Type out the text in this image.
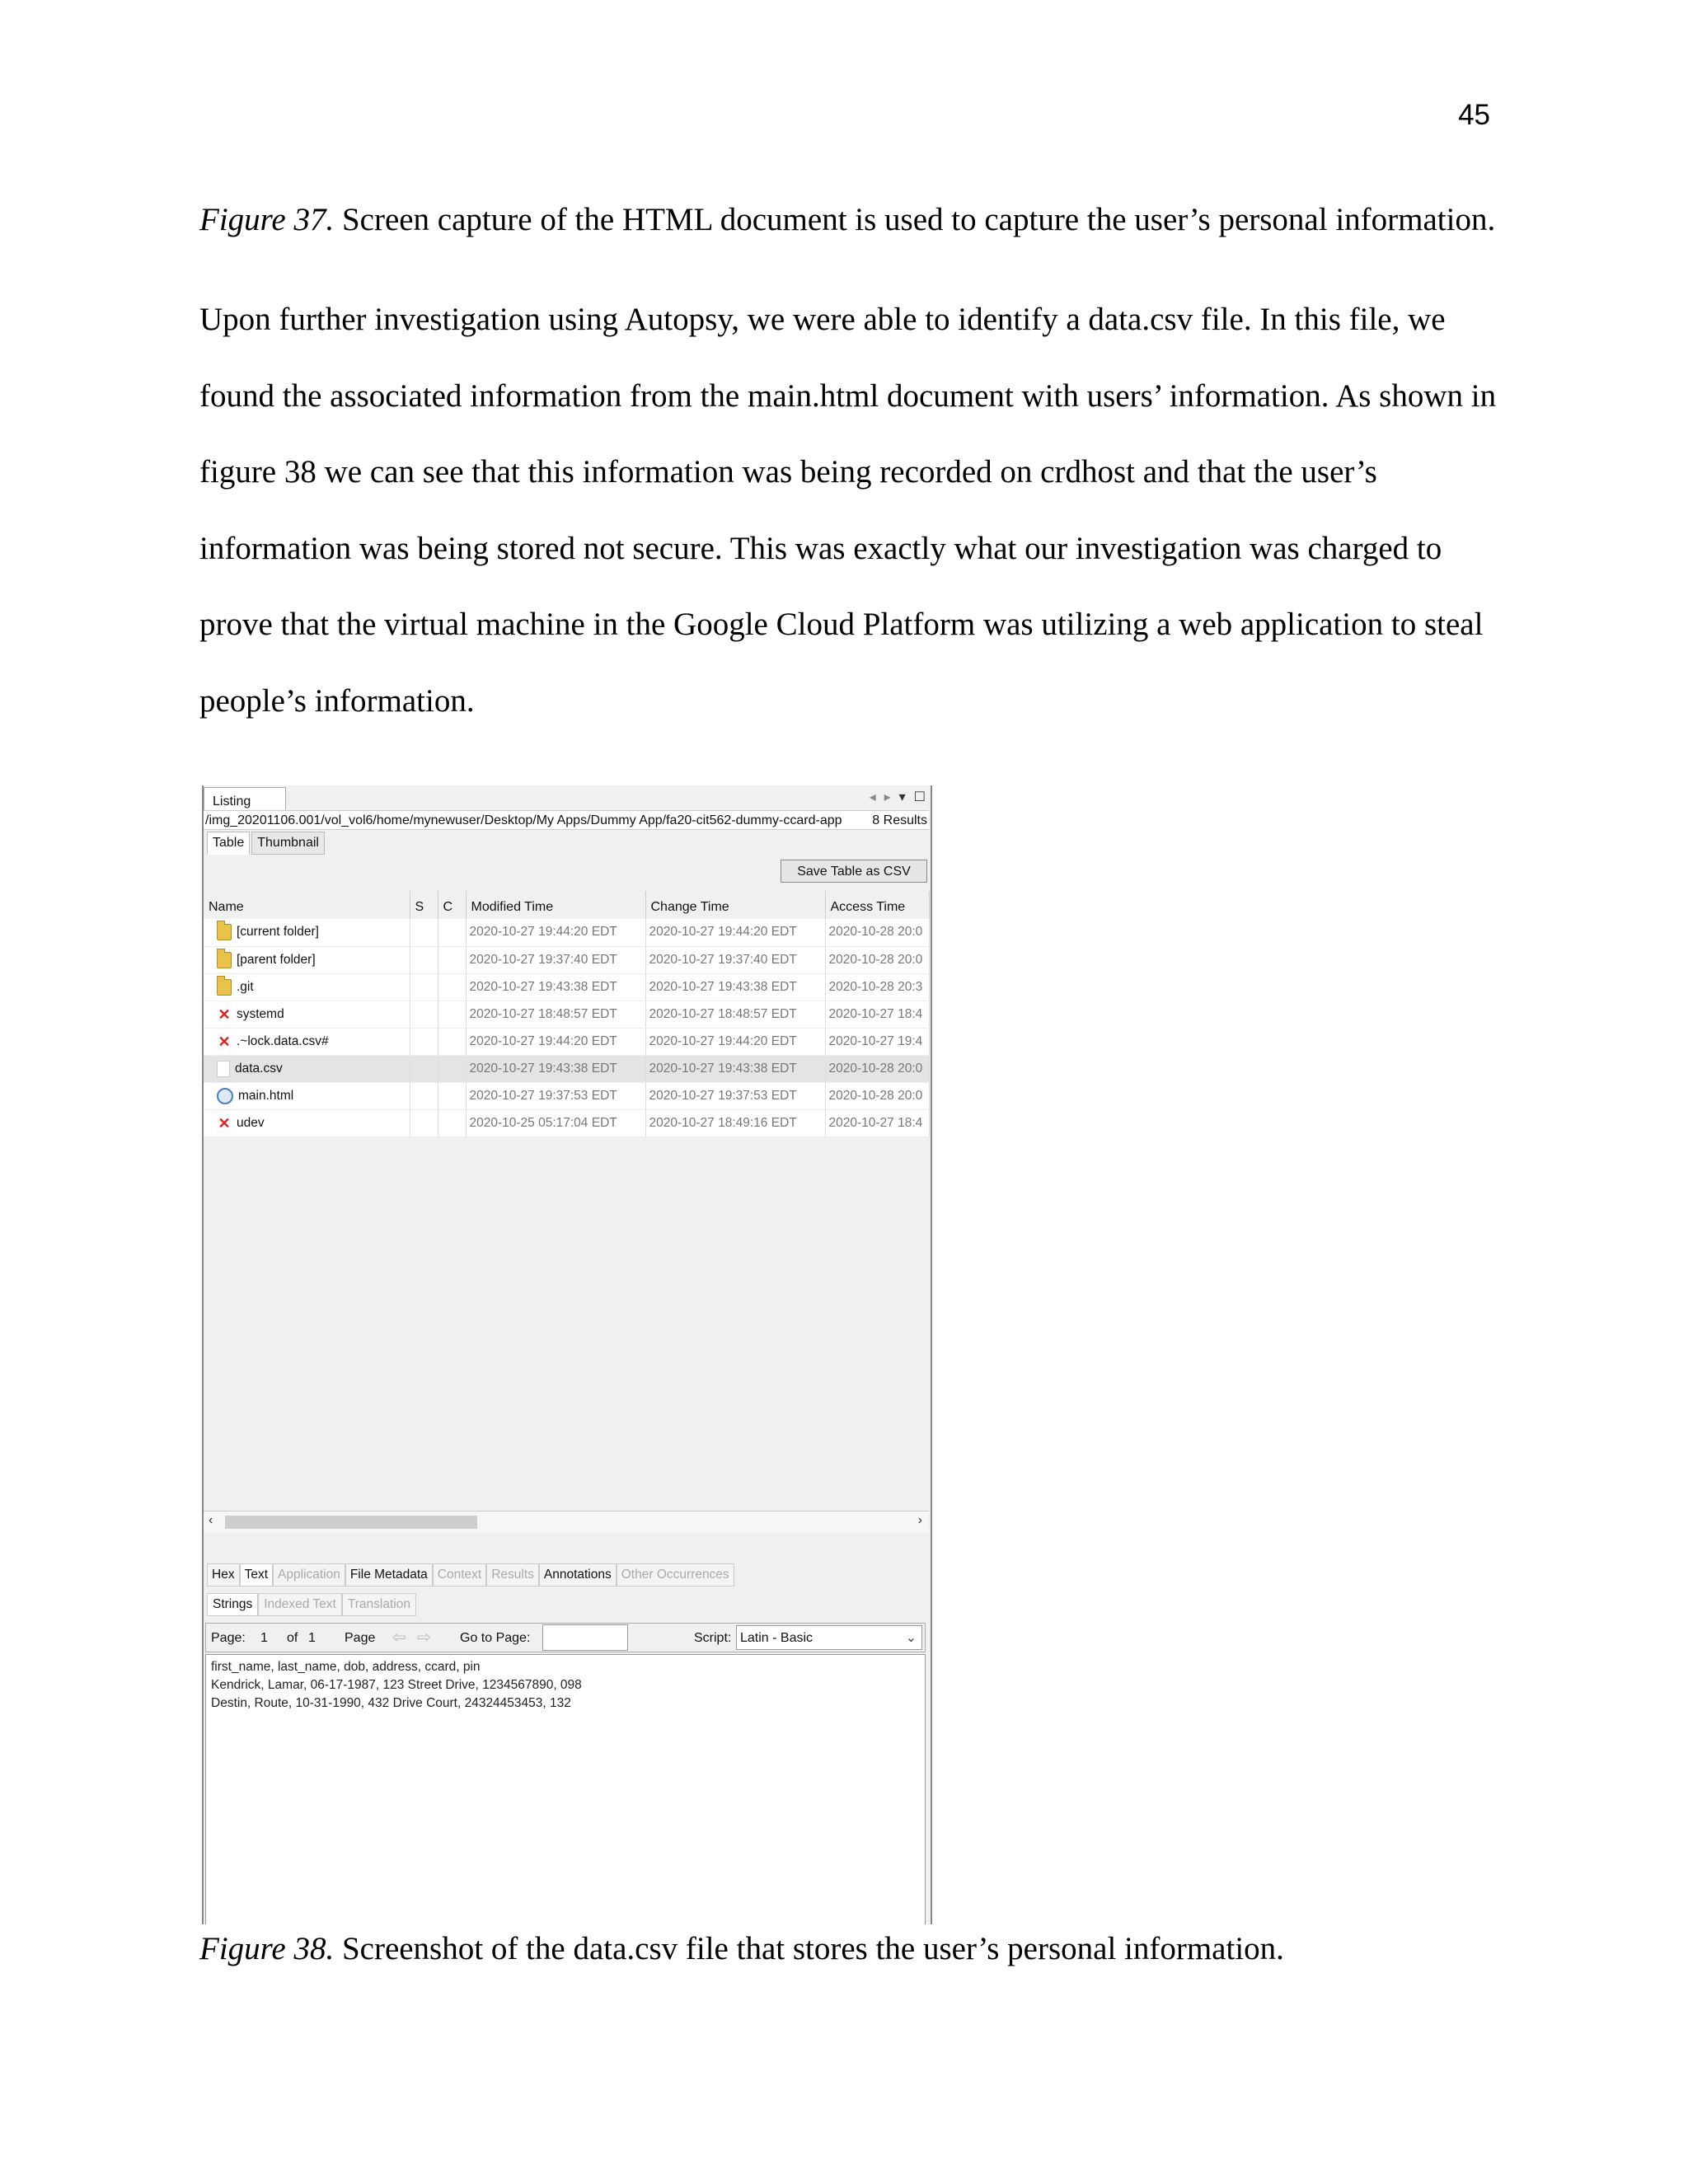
45
Figure 37. Screen capture of the HTML document is used to capture the user’s personal information.
Upon further investigation using Autopsy, we were able to identify a data.csv file. In this file, we found the associated information from the main.html document with users’ information. As shown in figure 38 we can see that this information was being recorded on crdhost and that the user’s information was being stored not secure. This was exactly what our investigation was charged to prove that the virtual machine in the Google Cloud Platform was utilizing a web application to steal people’s information.
Listing	◂ ▸ ▾ ☐
/img_20201106.001/vol_vol6/home/mynewuser/Desktop/My Apps/Dummy App/fa20-cit562-dummy-ccard-app	8 Results
Table	Thumbnail
Save Table as CSV
Name	S	C	Modified Time	Change Time	Access Time
[current folder]			2020-10-27 19:44:20 EDT	2020-10-27 19:44:20 EDT	2020-10-28 20:0
[parent folder]			2020-10-27 19:37:40 EDT	2020-10-27 19:37:40 EDT	2020-10-28 20:0
.git			2020-10-27 19:43:38 EDT	2020-10-27 19:43:38 EDT	2020-10-28 20:3
✕ systemd			2020-10-27 18:48:57 EDT	2020-10-27 18:48:57 EDT	2020-10-27 18:4
✕ .~lock.data.csv#			2020-10-27 19:44:20 EDT	2020-10-27 19:44:20 EDT	2020-10-27 19:4
data.csv			2020-10-27 19:43:38 EDT	2020-10-27 19:43:38 EDT	2020-10-28 20:0
main.html			2020-10-27 19:37:53 EDT	2020-10-27 19:37:53 EDT	2020-10-28 20:0
✕ udev			2020-10-25 05:17:04 EDT	2020-10-27 18:49:16 EDT	2020-10-27 18:4
‹	›
Hex Text Application File Metadata Context Results Annotations Other Occurrences
Strings Indexed Text Translation
Page: 1 of 1 Page ⇦ ⇨ Go to Page:	Script: Latin - Basic	⌄
first_name, last_name, dob, address, ccard, pin
Kendrick, Lamar, 06-17-1987, 123 Street Drive, 1234567890, 098
Destin, Route, 10-31-1990, 432 Drive Court, 24324453453, 132
Figure 38. Screenshot of the data.csv file that stores the user’s personal information.
